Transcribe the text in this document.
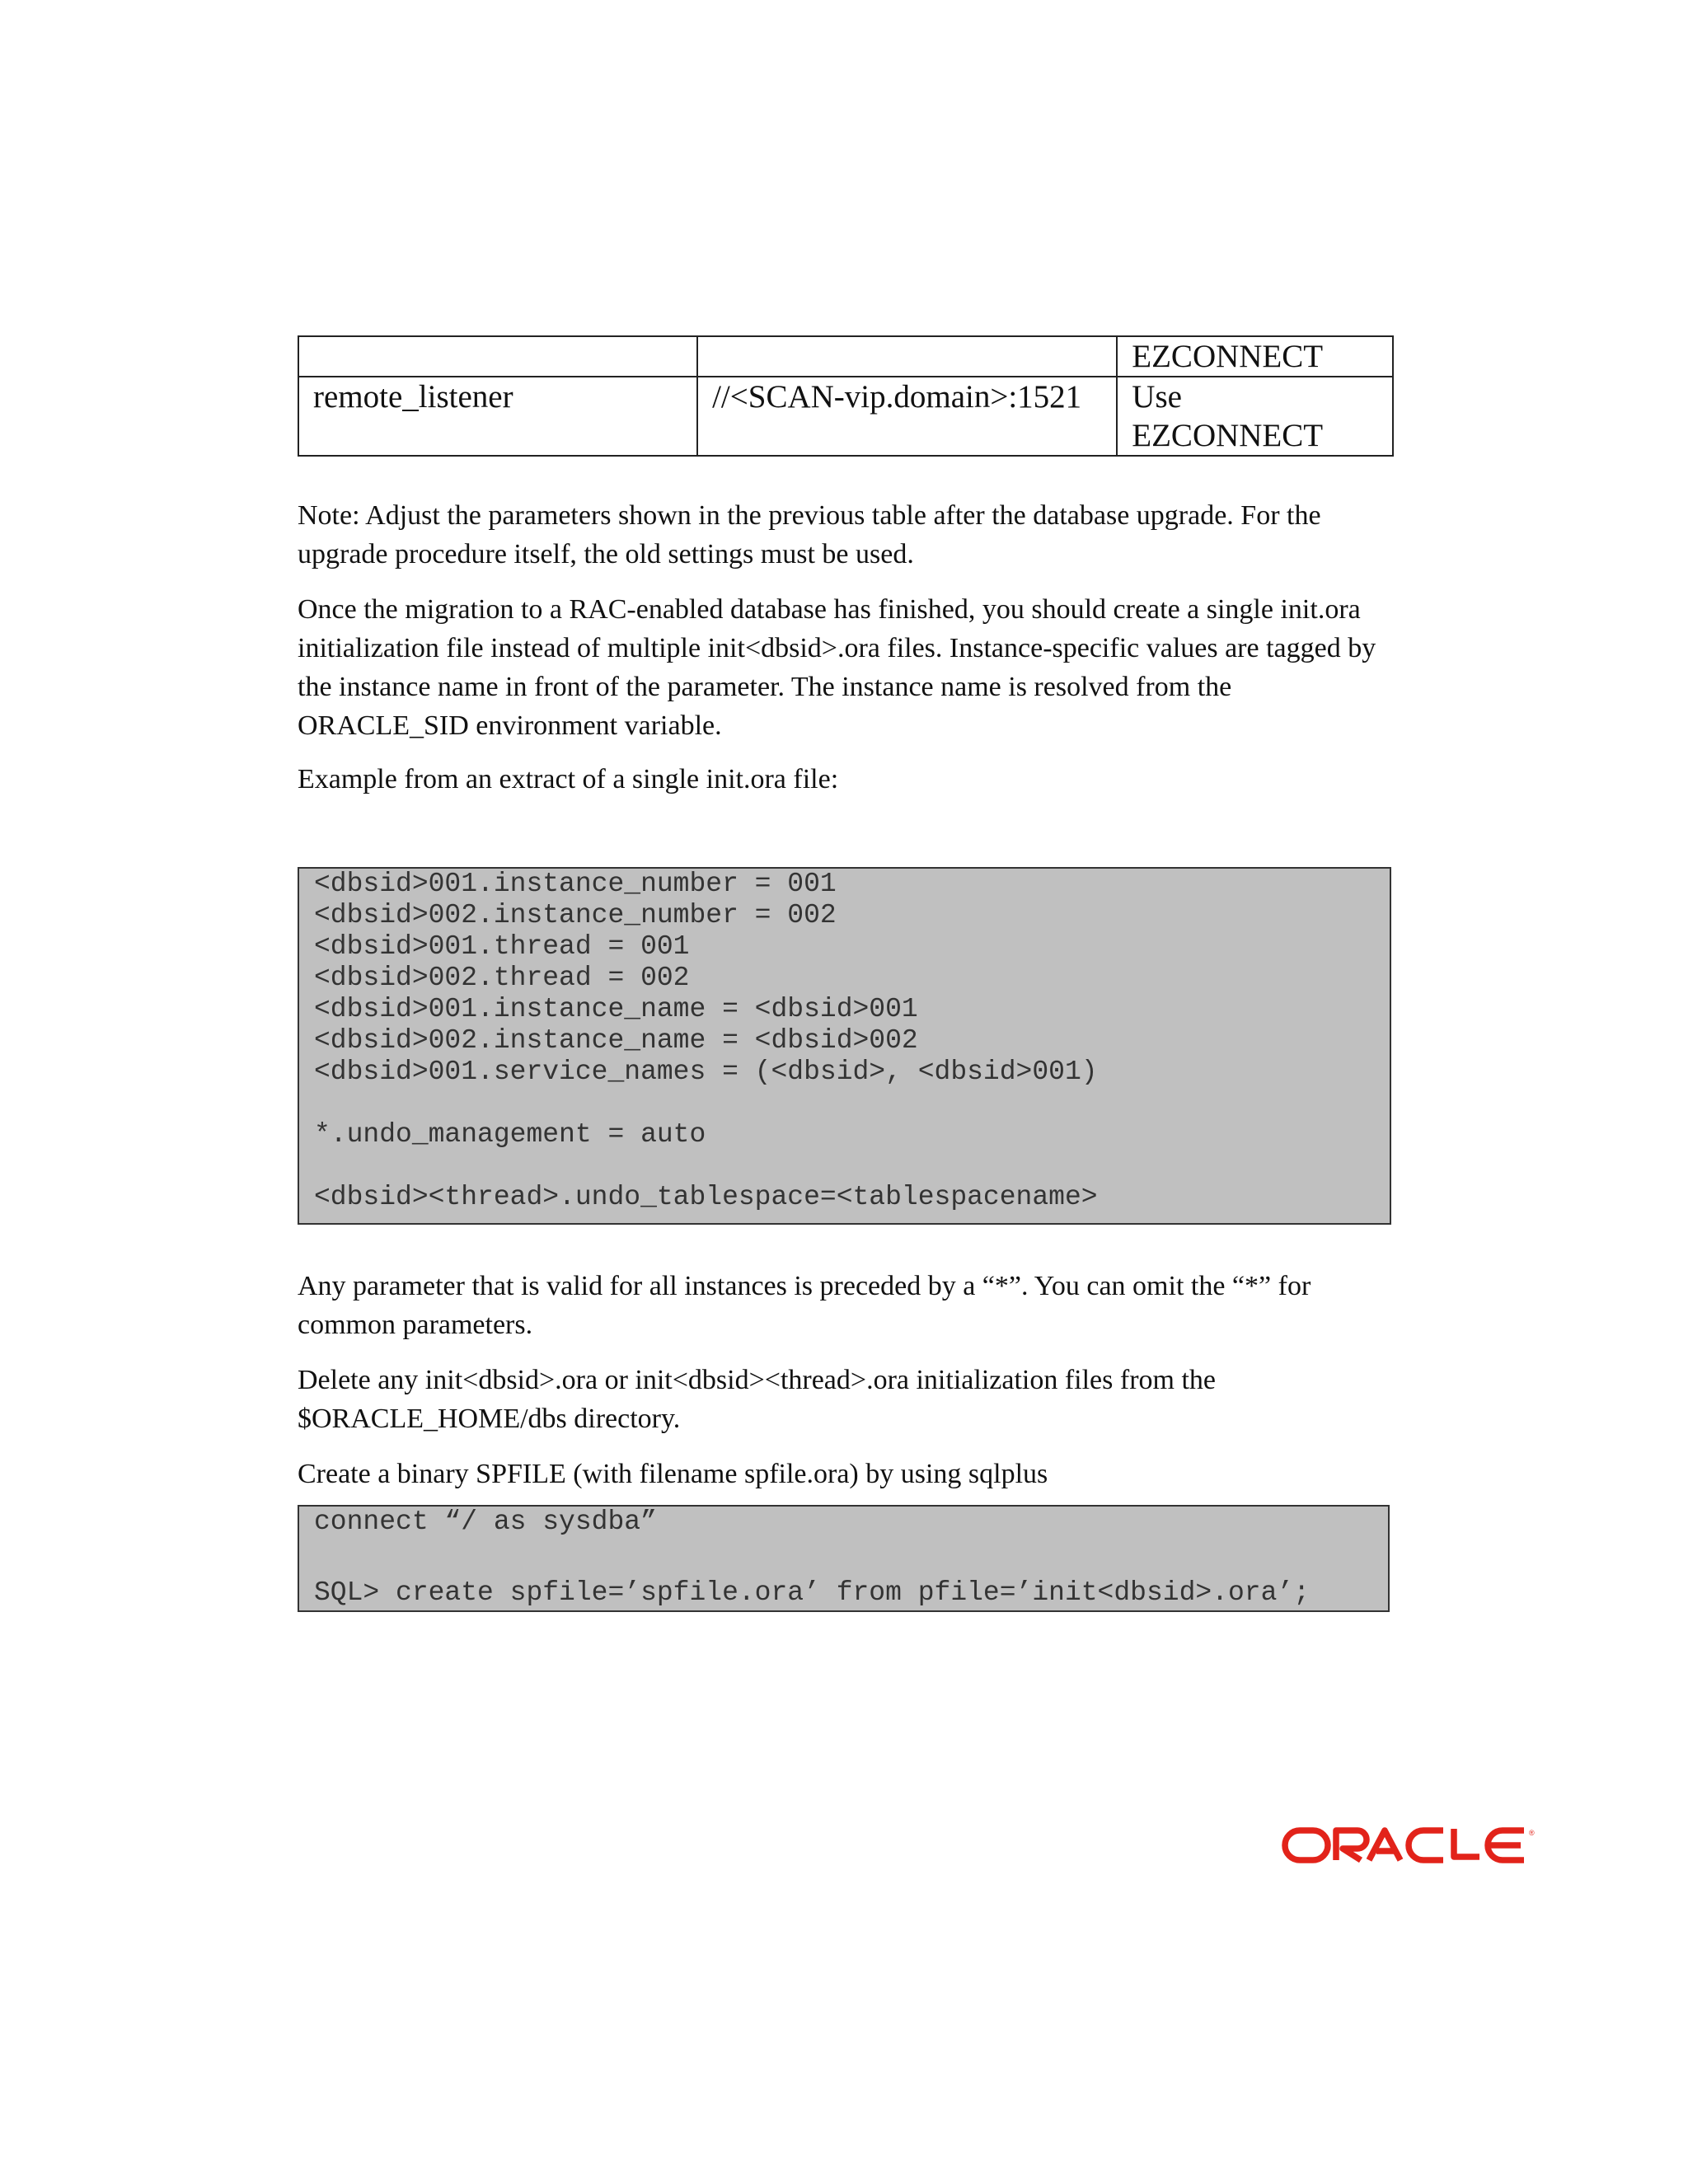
		EZCONNECT
remote_listener	//<SCAN-vip.domain>:1521	Use
EZCONNECT

Note: Adjust the parameters shown in the previous table after the database upgrade. For the upgrade procedure itself, the old settings must be used.

Once the migration to a RAC-enabled database has finished, you should create a single init.ora initialization file instead of multiple init<dbsid>.ora files. Instance-specific values are tagged by the instance name in front of the parameter. The instance name is resolved from the ORACLE_SID environment variable.

Example from an extract of a single init.ora file:

<dbsid>001.instance_number = 001
<dbsid>002.instance_number = 002
<dbsid>001.thread = 001
<dbsid>002.thread = 002
<dbsid>001.instance_name = <dbsid>001
<dbsid>002.instance_name = <dbsid>002
<dbsid>001.service_names = (<dbsid>, <dbsid>001)
*.undo_management = auto
<dbsid><thread>.undo_tablespace=<tablespacename>

Any parameter that is valid for all instances is preceded by a “*”. You can omit the “*” for common parameters.

Delete any init<dbsid>.ora or init<dbsid><thread>.ora initialization files from the $ORACLE_HOME/dbs directory.

Create a binary SPFILE (with filename spfile.ora) by using sqlplus

connect “/ as sysdba”
SQL> create spfile=’spfile.ora’ from pfile=’init<dbsid>.ora’;
®
